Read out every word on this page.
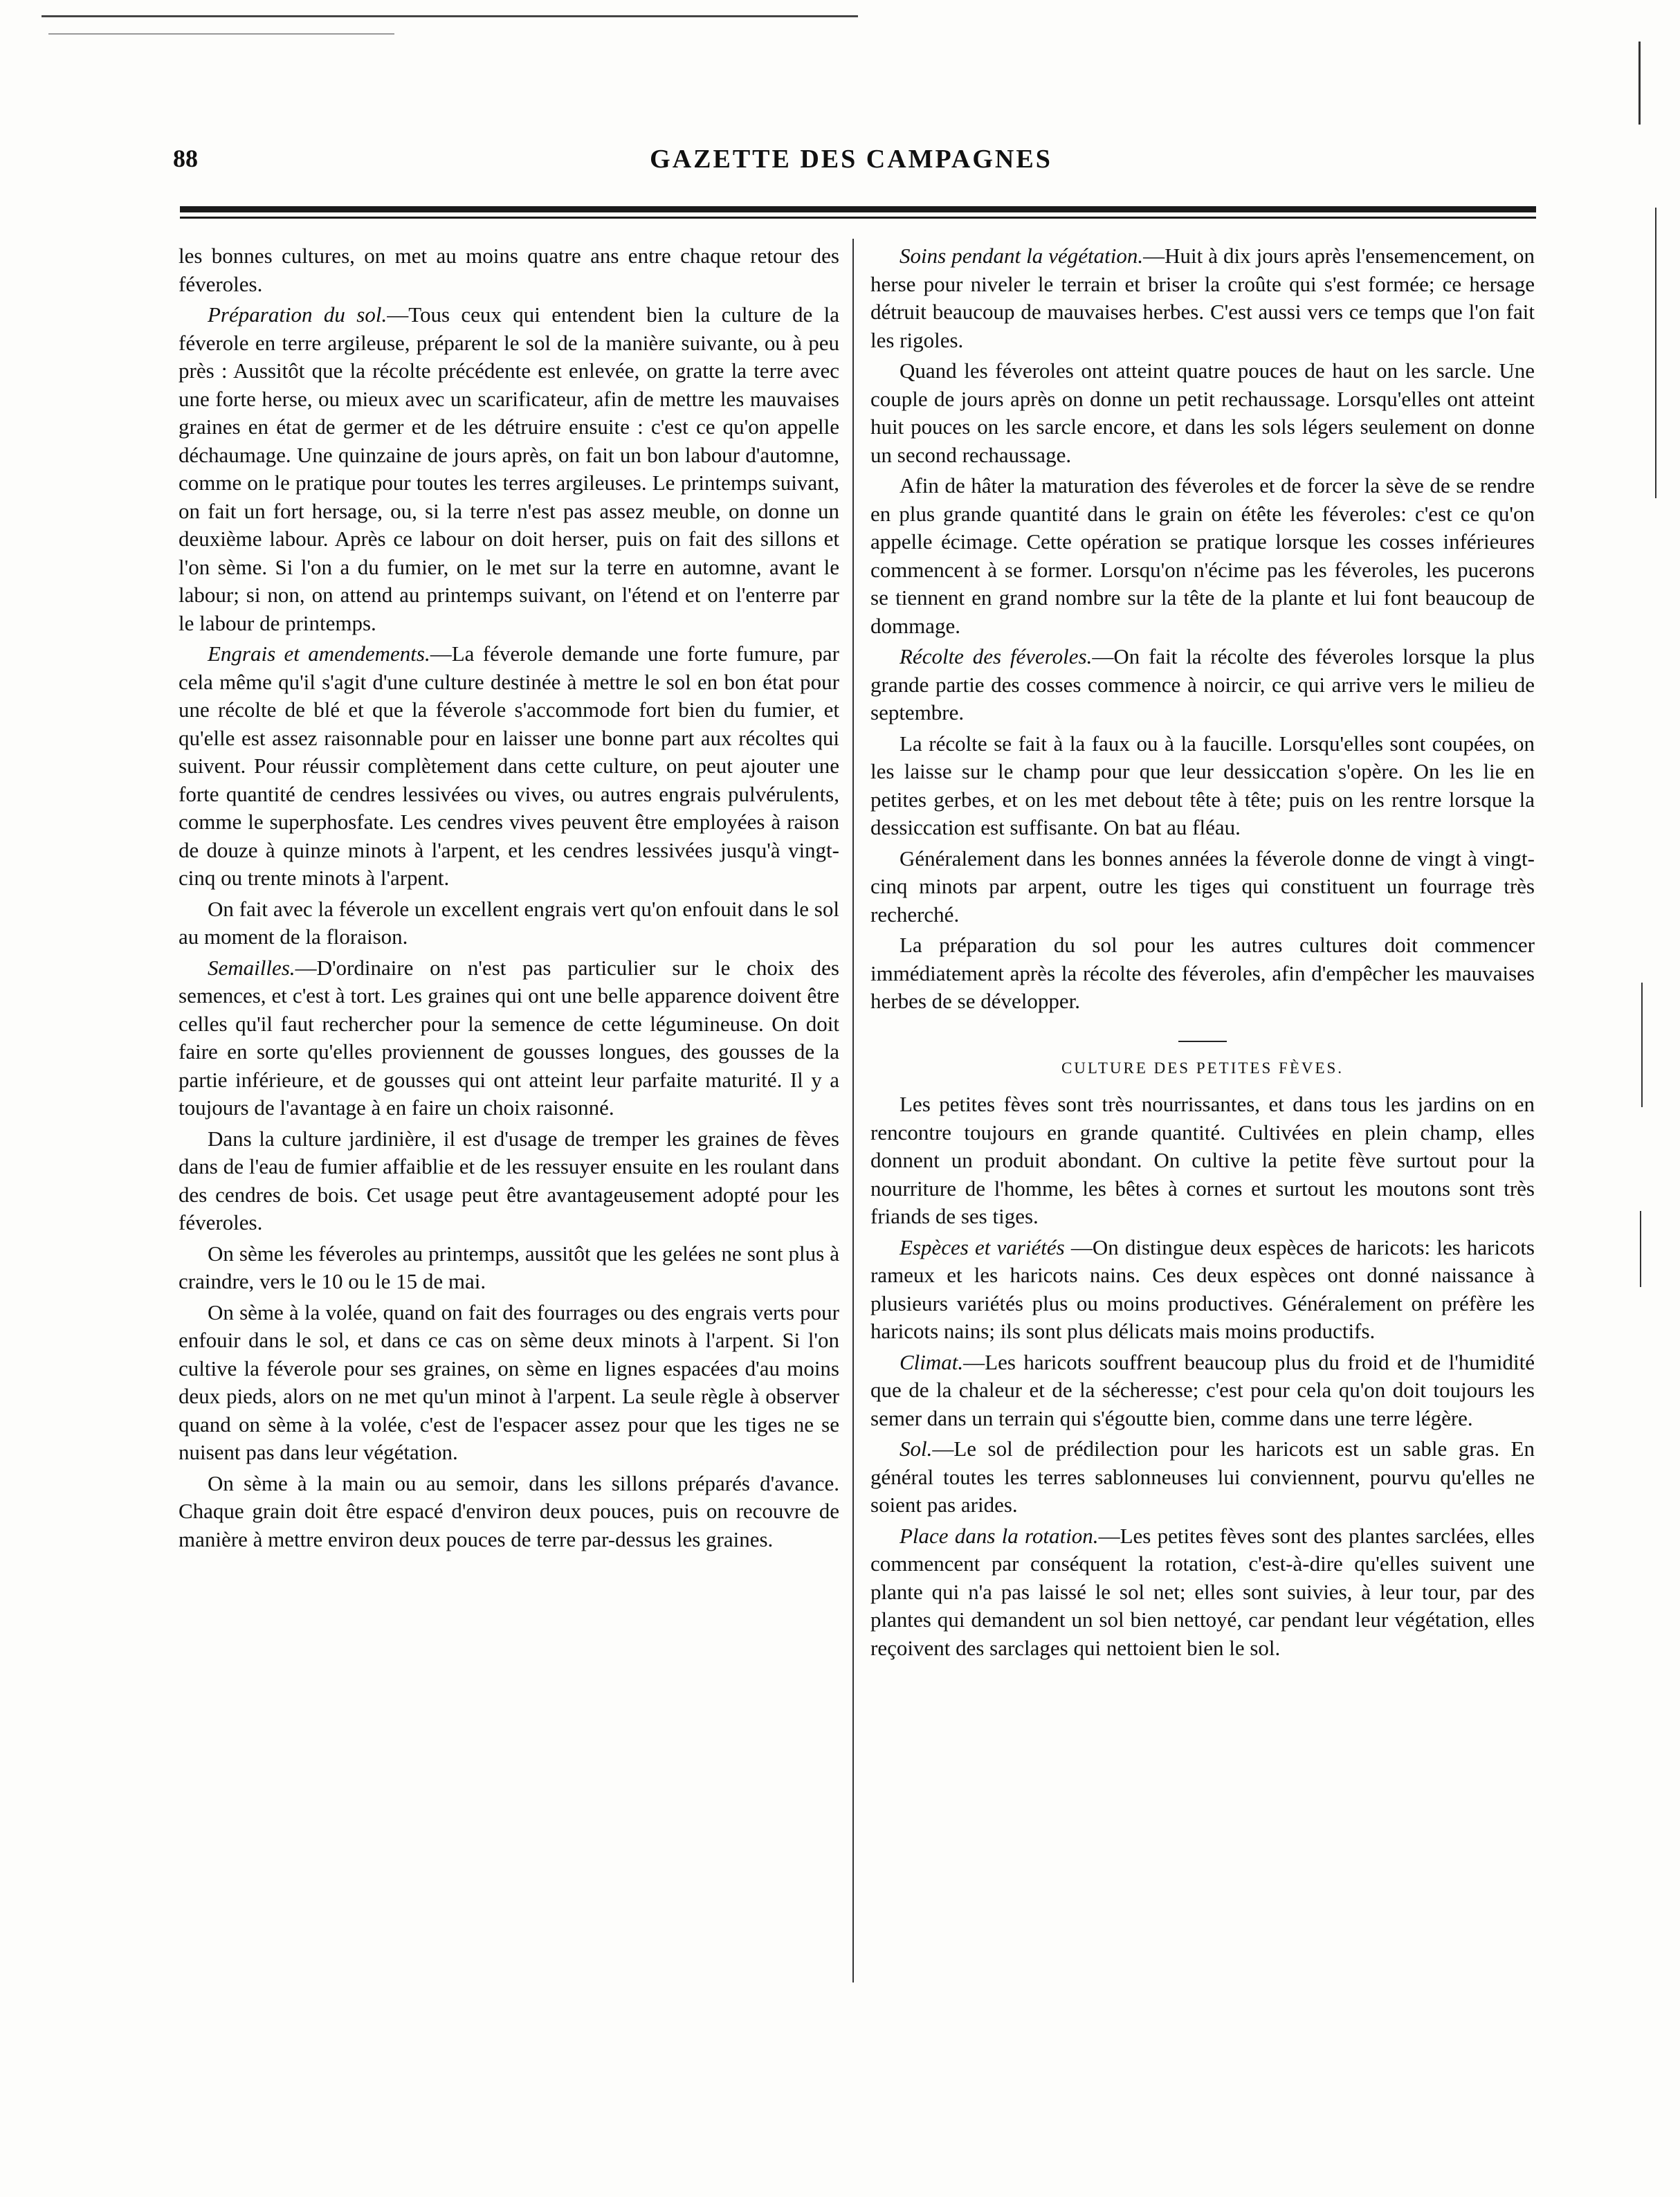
88	GAZETTE DES CAMPAGNES

les bonnes cultures, on met au moins quatre ans entre chaque retour des féveroles.

Préparation du sol.—Tous ceux qui entendent bien la culture de la féverole en terre argileuse, préparent le sol de la manière suivante, ou à peu près : Aussitôt que la récolte précédente est enlevée, on gratte la terre avec une forte herse, ou mieux avec un scarificateur, afin de mettre les mauvaises graines en état de germer et de les détruire ensuite : c'est ce qu'on appelle déchaumage. Une quinzaine de jours après, on fait un bon labour d'automne, comme on le pratique pour toutes les terres argileuses. Le printemps suivant, on fait un fort hersage, ou, si la terre n'est pas assez meuble, on donne un deuxième labour. Après ce labour on doit herser, puis on fait des sillons et l'on sème. Si l'on a du fumier, on le met sur la terre en automne, avant le labour; si non, on attend au printemps suivant, on l'étend et on l'enterre par le labour de printemps.

Engrais et amendements.—La féverole demande une forte fumure, par cela même qu'il s'agit d'une culture destinée à mettre le sol en bon état pour une récolte de blé et que la féverole s'accommode fort bien du fumier, et qu'elle est assez raisonnable pour en laisser une bonne part aux récoltes qui suivent. Pour réussir complètement dans cette culture, on peut ajouter une forte quantité de cendres lessivées ou vives, ou autres engrais pulvérulents, comme le superphosfate. Les cendres vives peuvent être employées à raison de douze à quinze minots à l'arpent, et les cendres lessivées jusqu'à vingt-cinq ou trente minots à l'arpent.

On fait avec la féverole un excellent engrais vert qu'on enfouit dans le sol au moment de la floraison.

Semailles.—D'ordinaire on n'est pas particulier sur le choix des semences, et c'est à tort. Les graines qui ont une belle apparence doivent être celles qu'il faut rechercher pour la semence de cette légumineuse. On doit faire en sorte qu'elles proviennent de gousses longues, des gousses de la partie inférieure, et de gousses qui ont atteint leur parfaite maturité. Il y a toujours de l'avantage à en faire un choix raisonné.

Dans la culture jardinière, il est d'usage de tremper les graines de fèves dans de l'eau de fumier affaiblie et de les ressuyer ensuite en les roulant dans des cendres de bois. Cet usage peut être avantageusement adopté pour les féveroles.

On sème les féveroles au printemps, aussitôt que les gelées ne sont plus à craindre, vers le 10 ou le 15 de mai.

On sème à la volée, quand on fait des fourrages ou des engrais verts pour enfouir dans le sol, et dans ce cas on sème deux minots à l'arpent. Si l'on cultive la féverole pour ses graines, on sème en lignes espacées d'au moins deux pieds, alors on ne met qu'un minot à l'arpent. La seule règle à observer quand on sème à la volée, c'est de l'espacer assez pour que les tiges ne se nuisent pas dans leur végétation.

On sème à la main ou au semoir, dans les sillons préparés d'avance. Chaque grain doit être espacé d'environ deux pouces, puis on recouvre de manière à mettre environ deux pouces de terre par-dessus les graines.

Soins pendant la végétation.—Huit à dix jours après l'ensemencement, on herse pour niveler le terrain et briser la croûte qui s'est formée; ce hersage détruit beaucoup de mauvaises herbes. C'est aussi vers ce temps que l'on fait les rigoles.

Quand les féveroles ont atteint quatre pouces de haut on les sarcle. Une couple de jours après on donne un petit rechaussage. Lorsqu'elles ont atteint huit pouces on les sarcle encore, et dans les sols légers seulement on donne un second rechaussage.

Afin de hâter la maturation des féveroles et de forcer la sève de se rendre en plus grande quantité dans le grain on étête les féveroles: c'est ce qu'on appelle écimage. Cette opération se pratique lorsque les cosses inférieures commencent à se former. Lorsqu'on n'écime pas les féveroles, les pucerons se tiennent en grand nombre sur la tête de la plante et lui font beaucoup de dommage.

Récolte des féveroles.—On fait la récolte des féveroles lorsque la plus grande partie des cosses commence à noircir, ce qui arrive vers le milieu de septembre.

La récolte se fait à la faux ou à la faucille. Lorsqu'elles sont coupées, on les laisse sur le champ pour que leur dessiccation s'opère. On les lie en petites gerbes, et on les met debout tête à tête; puis on les rentre lorsque la dessiccation est suffisante. On bat au fléau.

Généralement dans les bonnes années la féverole donne de vingt à vingt-cinq minots par arpent, outre les tiges qui constituent un fourrage très recherché.

La préparation du sol pour les autres cultures doit commencer immédiatement après la récolte des féveroles, afin d'empêcher les mauvaises herbes de se développer.

CULTURE DES PETITES FÈVES.

Les petites fèves sont très nourrissantes, et dans tous les jardins on en rencontre toujours en grande quantité. Cultivées en plein champ, elles donnent un produit abondant. On cultive la petite fève surtout pour la nourriture de l'homme, les bêtes à cornes et surtout les moutons sont très friands de ses tiges.

Espèces et variétés —On distingue deux espèces de haricots: les haricots rameux et les haricots nains. Ces deux espèces ont donné naissance à plusieurs variétés plus ou moins productives. Généralement on préfère les haricots nains; ils sont plus délicats mais moins productifs.

Climat.—Les haricots souffrent beaucoup plus du froid et de l'humidité que de la chaleur et de la sécheresse; c'est pour cela qu'on doit toujours les semer dans un terrain qui s'égoutte bien, comme dans une terre légère.

Sol.—Le sol de prédilection pour les haricots est un sable gras. En général toutes les terres sablonneuses lui conviennent, pourvu qu'elles ne soient pas arides.

Place dans la rotation.—Les petites fèves sont des plantes sarclées, elles commencent par conséquent la rotation, c'est-à-dire qu'elles suivent une plante qui n'a pas laissé le sol net; elles sont suivies, à leur tour, par des plantes qui demandent un sol bien nettoyé, car pendant leur végétation, elles reçoivent des sarclages qui nettoient bien le sol.
